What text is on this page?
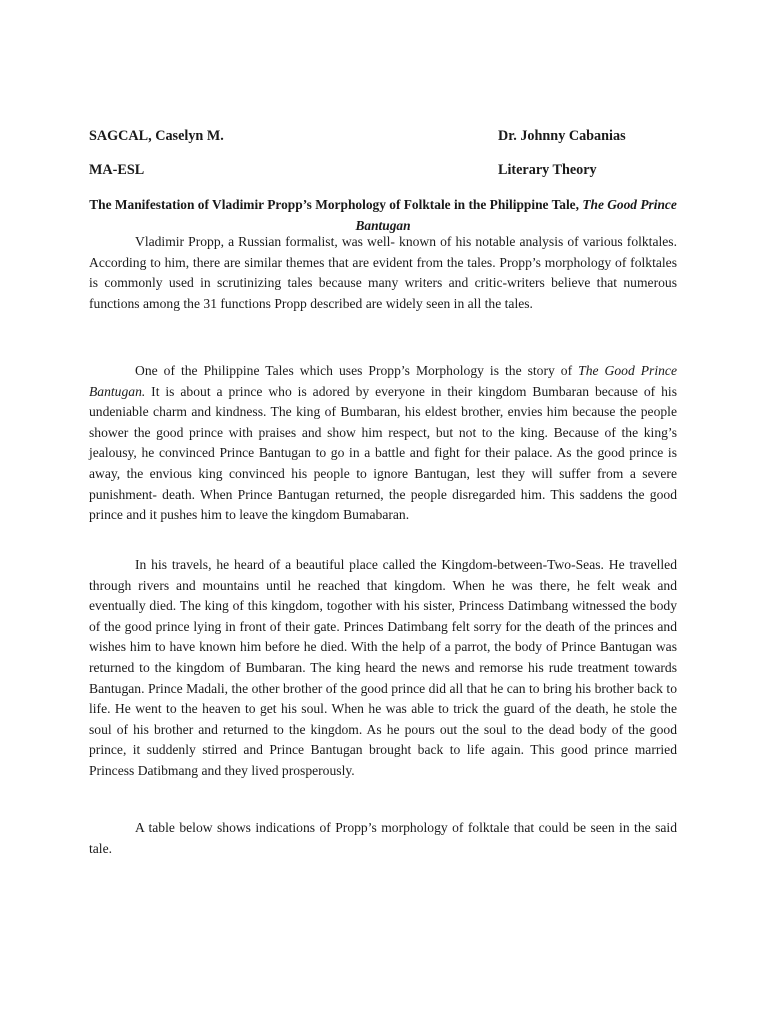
SAGCAL, Caselyn M.	Dr. Johnny Cabanias
MA-ESL	Literary Theory
The Manifestation of Vladimir Propp’s Morphology of Folktale in the Philippine Tale, The Good Prince Bantugan

Vladimir Propp, a Russian formalist, was well- known of his notable analysis of various folktales. According to him, there are similar themes that are evident from the tales. Propp’s morphology of folktales is commonly used in scrutinizing tales because many writers and critic-writers believe that numerous functions among the 31 functions Propp described are widely seen in all the tales.

One of the Philippine Tales which uses Propp’s Morphology is the story of The Good Prince Bantugan. It is about a prince who is adored by everyone in their kingdom Bumbaran because of his undeniable charm and kindness. The king of Bumbaran, his eldest brother, envies him because the people shower the good prince with praises and show him respect, but not to the king. Because of the king’s jealousy, he convinced Prince Bantugan to go in a battle and fight for their palace. As the good prince is away, the envious king convinced his people to ignore Bantugan, lest they will suffer from a severe punishment- death. When Prince Bantugan returned, the people disregarded him. This saddens the good prince and it pushes him to leave the kingdom Bumabaran.

In his travels, he heard of a beautiful place called the Kingdom-between-Two-Seas. He travelled through rivers and mountains until he reached that kingdom. When he was there, he felt weak and eventually died. The king of this kingdom, togother with his sister, Princess Datimbang witnessed the body of the good prince lying in front of their gate. Princes Datimbang felt sorry for the death of the princes and wishes him to have known him before he died. With the help of a parrot, the body of Prince Bantugan was returned to the kingdom of Bumbaran. The king heard the news and remorse his rude treatment towards Bantugan. Prince Madali, the other brother of the good prince did all that he can to bring his brother back to life. He went to the heaven to get his soul. When he was able to trick the guard of the death, he stole the soul of his brother and returned to the kingdom. As he pours out the soul to the dead body of the good prince, it suddenly stirred and Prince Bantugan brought back to life again. This good prince married Princess Datibmang and they lived prosperously.

A table below shows indications of Propp’s morphology of folktale that could be seen in the said tale.
